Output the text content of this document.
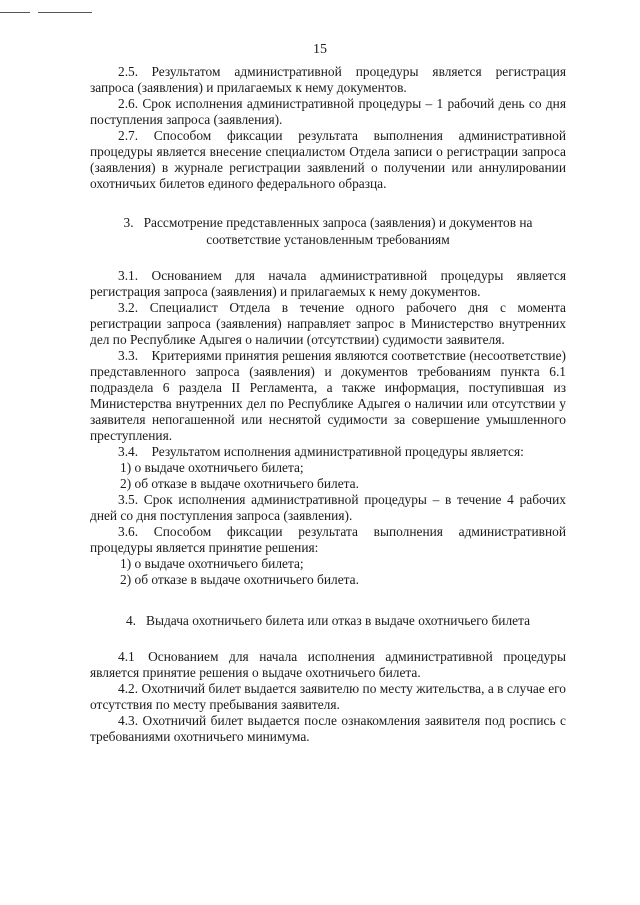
15

2.5. Результатом административной процедуры является регистрация запроса (заявления) и прилагаемых к нему документов.

2.6. Срок исполнения административной процедуры – 1 рабочий день со дня поступления запроса (заявления).

2.7. Способом фиксации результата выполнения административной процедуры является внесение специалистом Отдела записи о регистрации запроса (заявления) в журнале регистрации заявлений о получении или аннулировании охотничьих билетов единого федерального образца.

3.  Рассмотрение представленных запроса (заявления) и документов на
соответствие установленным требованиям

3.1. Основанием для начала административной процедуры является регистрация запроса (заявления) и прилагаемых к нему документов.

3.2. Специалист Отдела в течение одного рабочего дня с момента регистрации запроса (заявления) направляет запрос в Министерство внутренних дел по Республике Адыгея о наличии (отсутствии) судимости заявителя.

3.3. Критериями принятия решения являются соответствие (несоответствие) представленного запроса (заявления) и документов требованиям пункта 6.1 подраздела 6 раздела II Регламента, а также информация, поступившая из Министерства внутренних дел по Республике Адыгея о наличии или отсутствии у заявителя непогашенной или неснятой судимости за совершение умышленного преступления.

3.4. Результатом исполнения административной процедуры является:

1) о выдаче охотничьего билета;

2) об отказе в выдаче охотничьего билета.

3.5. Срок исполнения административной процедуры – в течение 4 рабочих дней со дня поступления запроса (заявления).

3.6. Способом фиксации результата выполнения административной процедуры является принятие решения:

1) о выдаче охотничьего билета;

2) об отказе в выдаче охотничьего билета.

4.  Выдача охотничьего билета или отказ в выдаче охотничьего билета

4.1 Основанием для начала исполнения административной процедуры является принятие решения о выдаче охотничьего билета.

4.2. Охотничий билет выдается заявителю по месту жительства, а в случае его отсутствия по месту пребывания заявителя.

4.3. Охотничий билет выдается после ознакомления заявителя под роспись с требованиями охотничьего минимума.
